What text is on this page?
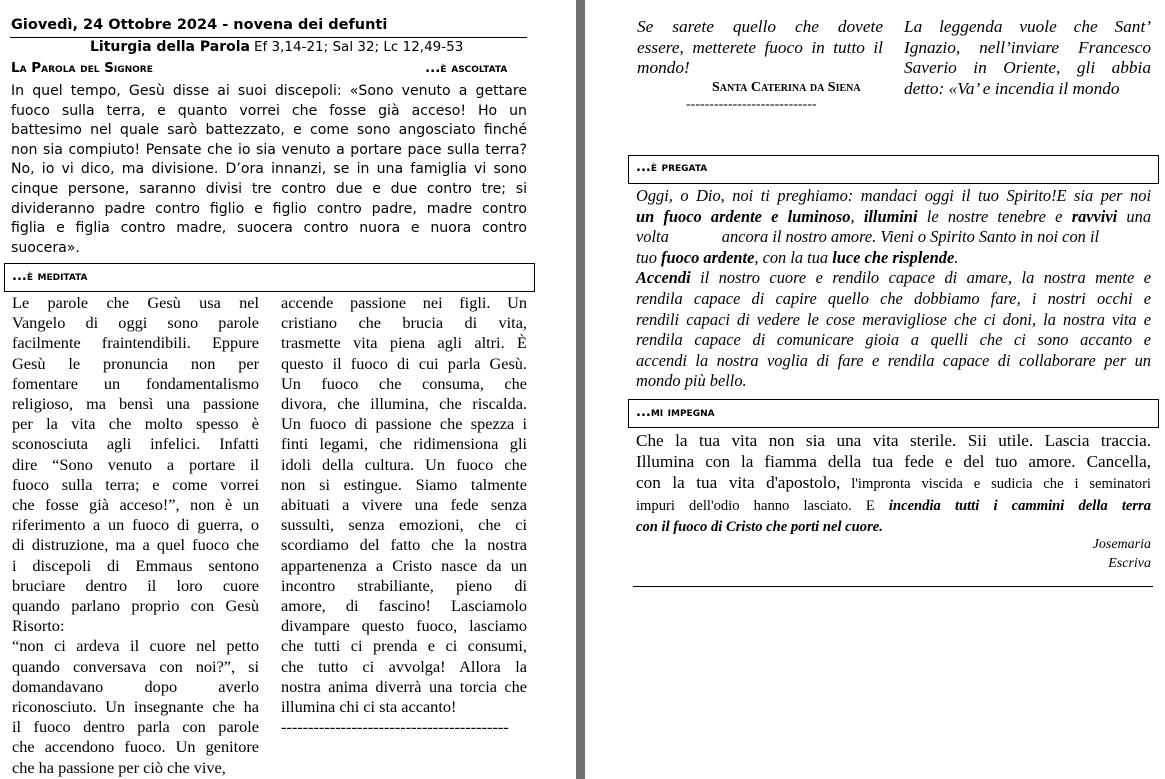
Giovedì, 24 Ottobre 2024 - novena dei defunti
Liturgia della Parola Ef 3,14-21; Sal 32; Lc 12,49-53
La Parola del Signore	...è ascoltata
In quel tempo, Gesù disse ai suoi discepoli: «Sono venuto a gettare
fuoco sulla terra, e quanto vorrei che fosse già acceso! Ho un
battesimo nel quale sarò battezzato, e come sono angosciato finché
non sia compiuto! Pensate che io sia venuto a portare pace sulla terra?
No, io vi dico, ma divisione. D’ora innanzi, se in una famiglia vi sono
cinque persone, saranno divisi tre contro due e due contro tre; si
divideranno padre contro figlio e figlio contro padre, madre contro
figlia e figlia contro madre, suocera contro nuora e nuora contro
suocera».
...è meditata
Le parole che Gesù usa nel
Vangelo di oggi sono parole
facilmente fraintendibili. Eppure
Gesù le pronuncia non per
fomentare un fondamentalismo
religioso, ma bensì una passione
per la vita che molto spesso è
sconosciuta agli infelici. Infatti
dire “Sono venuto a portare il
fuoco sulla terra; e come vorrei
che fosse già acceso!”, non è un
riferimento a un fuoco di guerra, o
di distruzione, ma a quel fuoco che
i discepoli di Emmaus sentono
bruciare dentro il loro cuore
quando parlano proprio con Gesù
Risorto:
“non ci ardeva il cuore nel petto
quando conversava con noi?”, si
domandavano dopo averlo
riconosciuto. Un insegnante che ha
il fuoco dentro parla con parole
che accendono fuoco. Un genitore
che ha passione per ciò che vive,
accende passione nei figli. Un
cristiano che brucia di vita,
trasmette vita piena agli altri. È
questo il fuoco di cui parla Gesù.
Un fuoco che consuma, che
divora, che illumina, che riscalda.
Un fuoco di passione che spezza i
finti legami, che ridimensiona gli
idoli della cultura. Un fuoco che
non si estingue. Siamo talmente
abituati a vivere una fede senza
sussulti, senza emozioni, che ci
scordiamo del fatto che la nostra
appartenenza a Cristo nasce da un
incontro strabiliante, pieno di
amore, di fascino! Lasciamolo
divampare questo fuoco, lasciamo
che tutti ci prenda e ci consumi,
che tutto ci avvolga! Allora la
nostra anima diverrà una torcia che
illumina chi ci sta accanto!
------------------------------------------
Se sarete quello che dovete
essere, metterete fuoco in tutto il
mondo!
Santa Caterina da Siena
----------------------------
La leggenda vuole che Sant’
Ignazio, nell’inviare Francesco
Saverio in Oriente, gli abbia
detto: «Va’ e incendia il mondo
...è pregata
Oggi, o Dio, noi ti preghiamo: mandaci oggi il tuo Spirito!E sia per noi
un fuoco ardente e luminoso, illumini le nostre tenebre e ravvivi una
volta	ancora il nostro amore. Vieni o Spirito Santo in noi con il
tuo fuoco ardente, con la tua luce che risplende.
Accendi il nostro cuore e rendilo capace di amare, la nostra mente e
rendila capace di capire quello che dobbiamo fare, i nostri occhi e
rendili capaci di vedere le cose meravigliose che ci doni, la nostra vita e
rendila capace di comunicare gioia a quelli che ci sono accanto e
accendi la nostra voglia di fare e rendila capace di collaborare per un
mondo più bello.
...mi impegna
Che la tua vita non sia una vita sterile. Sii utile. Lascia traccia.
Illumina con la fiamma della tua fede e del tuo amore. Cancella,
con la tua vita d'apostolo, l'impronta viscida e sudicia che i seminatori
impuri dell'odio hanno lasciato. E incendia tutti i cammini della terra
con il fuoco di Cristo che porti nel cuore.
Josemaria
Escriva
